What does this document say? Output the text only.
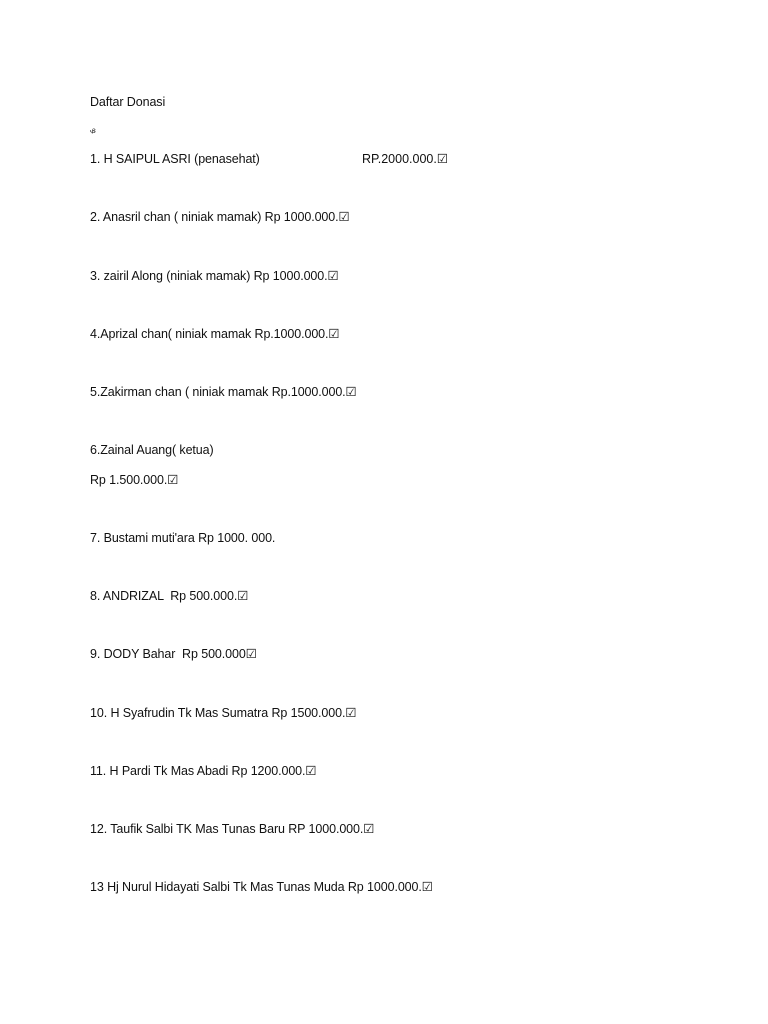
Daftar Donasi
ᏸ
1. H SAIPUL ASRI (penasehat)	RP.2000.000.☑
2. Anasril chan ( niniak mamak) Rp 1000.000.☑
3. zairil Along (niniak mamak) Rp 1000.000.☑
4.Aprizal chan( niniak mamak Rp.1000.000.☑
5.Zakirman chan ( niniak mamak Rp.1000.000.☑
6.Zainal Auang( ketua)
Rp 1.500.000.☑
7. Bustami muti'ara Rp 1000. 000.
8. ANDRIZAL  Rp 500.000.☑
9. DODY Bahar  Rp 500.000☑
10. H Syafrudin Tk Mas Sumatra Rp 1500.000.☑
11. H Pardi Tk Mas Abadi Rp 1200.000.☑
12. Taufik Salbi TK Mas Tunas Baru RP 1000.000.☑
13 Hj Nurul Hidayati Salbi Tk Mas Tunas Muda Rp 1000.000.☑
